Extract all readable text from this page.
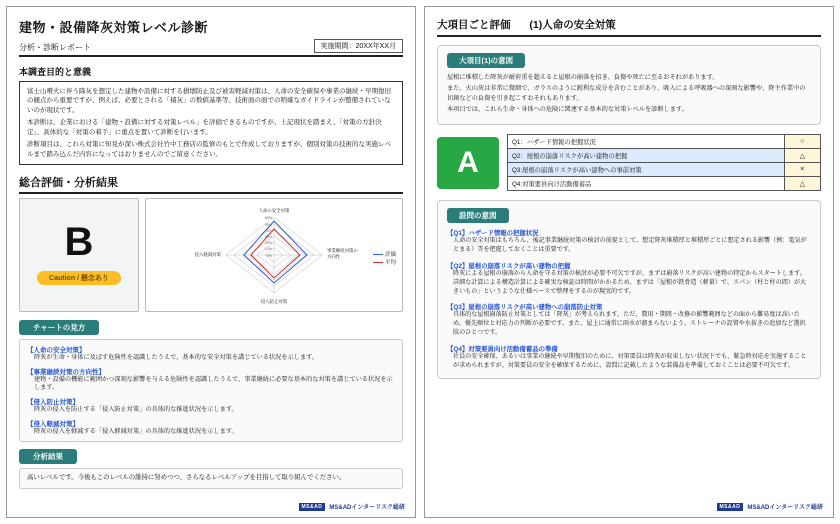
建物・設備降灰対策レベル診断
分析・診断レポート	実施期間：20XX年XX月
本調査目的と意義

富士山噴火に伴う降灰を想定した建物や設備に対する損壊防止及び被害軽減対策は、人命の安全確保や事業の継続・早期復旧の観点から重要ですが、例えば、必要とされる「積灰」の数値基準等、技術面の面での明確なガイドラインが整備されていないのが現状です。

本診断は、企業における「建物・設備に対する対策レベル」を評価できるものですが、上記現状を踏まえ、「対策の方針決定」、具体的な「対策の着手」に重点を置いて診断を行います。

診断項目は、これら対策に知見が深い株式会社竹中工務店の監修のもとで作成しておりますが、個別対策の技術的な実施レベルまで踏み込んだ内容になってはおりませんのでご留意ください。

総合評価・分析結果
B
Caution / 懸念あり
60%
50%
40%
30%
20%
10%
0%
人命の安全対策
事業継続対策の
方向性
侵入防止対策
侵入軽減対策	評価
平均
チャートの見方
【人命の安全対策】
降灰が生命・身体に及ぼす危険性を認識したうえで、基本的な安全対策を講じている状況を示します。
【事業継続対策の方向性】
建物・設備の機能に範囲かつ深刻な影響を与える危険性を認識したうえで、事業継続に必要な基本的な対策を講じている状況を示します。
【侵入防止対策】
降灰の侵入を防止する「侵入防止対策」の具体的な推進状況を示します。
【侵入軽減対策】
降灰の侵入を軽減する「侵入軽減対策」の具体的な推進状況を示します。
分析結果
高いレベルです。今後もこのレベルの維持に努めつつ、さらなるレベルアップを目指して取り組んでください。
MS&AD	MS&ADインターリスク総研
大項目ごと評価 (1)人命の安全対策
大項目(1)の意図

屋根に堆積した降灰が耐荷重を超えると屋根の崩落を招き、負傷や死亡に至るおそれがあります。

また、火山灰は非常に微細で、ガラスのように鋭利な成分を含むことがあり、吸入による呼吸器への深刻な影響や、降主作業中の切創などの負傷を引き起こすおそれもあります。

本項目では、これら生命・身体への危険に関連する基本的な対策レベルを診断します。

A
Q1：ハザード情報の把握状況	○
Q2：屋根の崩落リスクが高い建物の把握	△
Q3:屋根の崩落リスクが高い建物への事前対策	×
Q4:対策要員向け活動備蓄品	△
設問の意図
【Q1】ハザード情報の把握状況
人命の安全対策はもちろん、後記事業継続対策の検討の前提として、想定降灰堆積厚と堆積厚ごとに想定される影響（例：電気がとまる）等を把握しておくことは重要です。
【Q2】屋根の崩落リスクが高い建物の把握
降灰による屋根の崩落から人命を守る対策の検討が必要不可欠ですが、まずは崩落リスクが高い建物の特定からスタートします。詳細な計算による構造計算による確実な検証は時間がかかるため、まずは「屋根が鉄骨造（軽量）で、スパン（柱と柱の間）が大きいもの」というような仕様ベースで整理をするのが現実的です。
【Q3】屋根の崩落リスクが高い建物への崩落防止対策
具体的な屋根崩落防止対策としては「降灰」が考えられます。ただ、費用・期間・改修の影響範囲などの面から難易度は高いため、優先順位と対応力の判断が必要です。また、屋上に通常に雨水が溜まらないよう、ストレーナの設置や水抜きの追加など選択肢のひとつです。
【Q4】対策要員向け活動備蓄品の準備
社員の安全確保、あるいは事業の継続や早期復旧のために、対策要員は降灰が収束しない状況下でも、緊急時対応を実施することが求められますが、対策要員の安全を確保するために、設問に記載したような装備品を準備しておくことは必要不可欠です。
MS&AD	MS&ADインターリスク総研
